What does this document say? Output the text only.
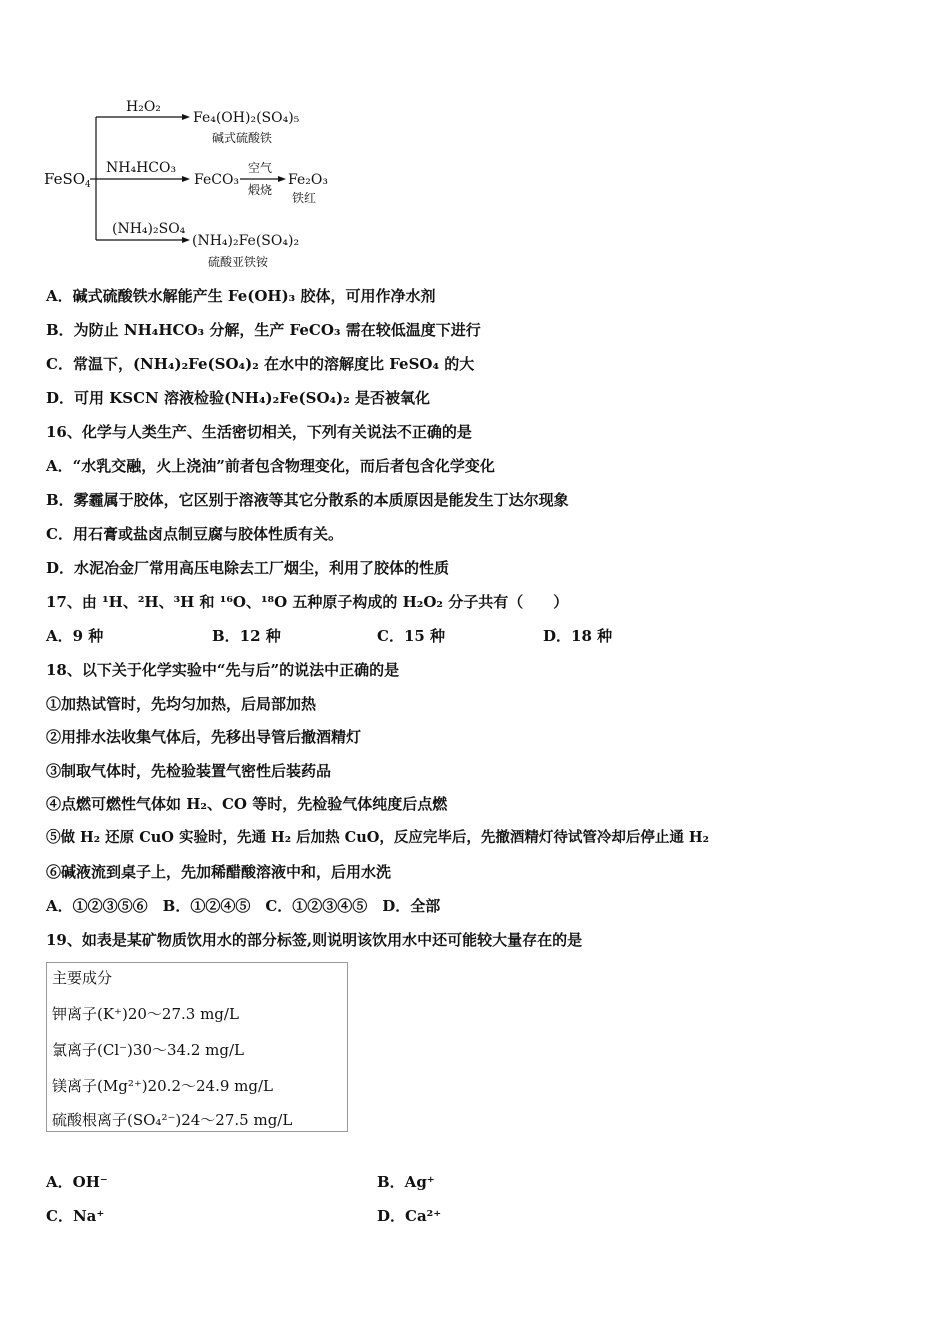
FeSO$_4$
H₂O₂
Fe₄(OH)₂(SO₄)₅
碱式硫酸铁
NH₄HCO₃
FeCO₃
空气
煅烧
Fe₂O₃
铁红
(NH₄)₂SO₄
(NH₄)₂Fe(SO₄)₂
硫酸亚铁铵
A．碱式硫酸铁水解能产生 Fe(OH)₃ 胶体，可用作净水剂
B．为防止 NH₄HCO₃ 分解，生产 FeCO₃ 需在较低温度下进行
C．常温下，(NH₄)₂Fe(SO₄)₂ 在水中的溶解度比 FeSO₄ 的大
D．可用 KSCN 溶液检验(NH₄)₂Fe(SO₄)₂ 是否被氧化
16、化学与人类生产、生活密切相关，下列有关说法不正确的是
A．“水乳交融，火上浇油”前者包含物理变化，而后者包含化学变化
B．雾霾属于胶体，它区别于溶液等其它分散系的本质原因是能发生丁达尔现象
C．用石膏或盐卤点制豆腐与胶体性质有关。
D．水泥冶金厂常用高压电除去工厂烟尘，利用了胶体的性质
17、由 ¹H、²H、³H 和 ¹⁶O、¹⁸O 五种原子构成的 H₂O₂ 分子共有（　　）
A．9 种	B．12 种	C．15 种	D．18 种
18、以下关于化学实验中“先与后”的说法中正确的是
①加热试管时，先均匀加热，后局部加热
②用排水法收集气体后，先移出导管后撤酒精灯
③制取气体时，先检验装置气密性后装药品
④点燃可燃性气体如 H₂、CO 等时，先检验气体纯度后点燃
⑤做 H₂ 还原 CuO 实验时，先通 H₂ 后加热 CuO，反应完毕后，先撤酒精灯待试管冷却后停止通 H₂
⑥碱液流到桌子上，先加稀醋酸溶液中和，后用水洗
A．①②③⑤⑥　B．①②④⑤　C．①②③④⑤　D．全部
19、如表是某矿物质饮用水的部分标签,则说明该饮用水中还可能较大量存在的是
主要成分
钾离子(K⁺)20～27.3 mg/L
氯离子(Cl⁻)30～34.2 mg/L
镁离子(Mg²⁺)20.2～24.9 mg/L
硫酸根离子(SO₄²⁻)24～27.5 mg/L
A．OH⁻	B．Ag⁺
C．Na⁺	D．Ca²⁺
